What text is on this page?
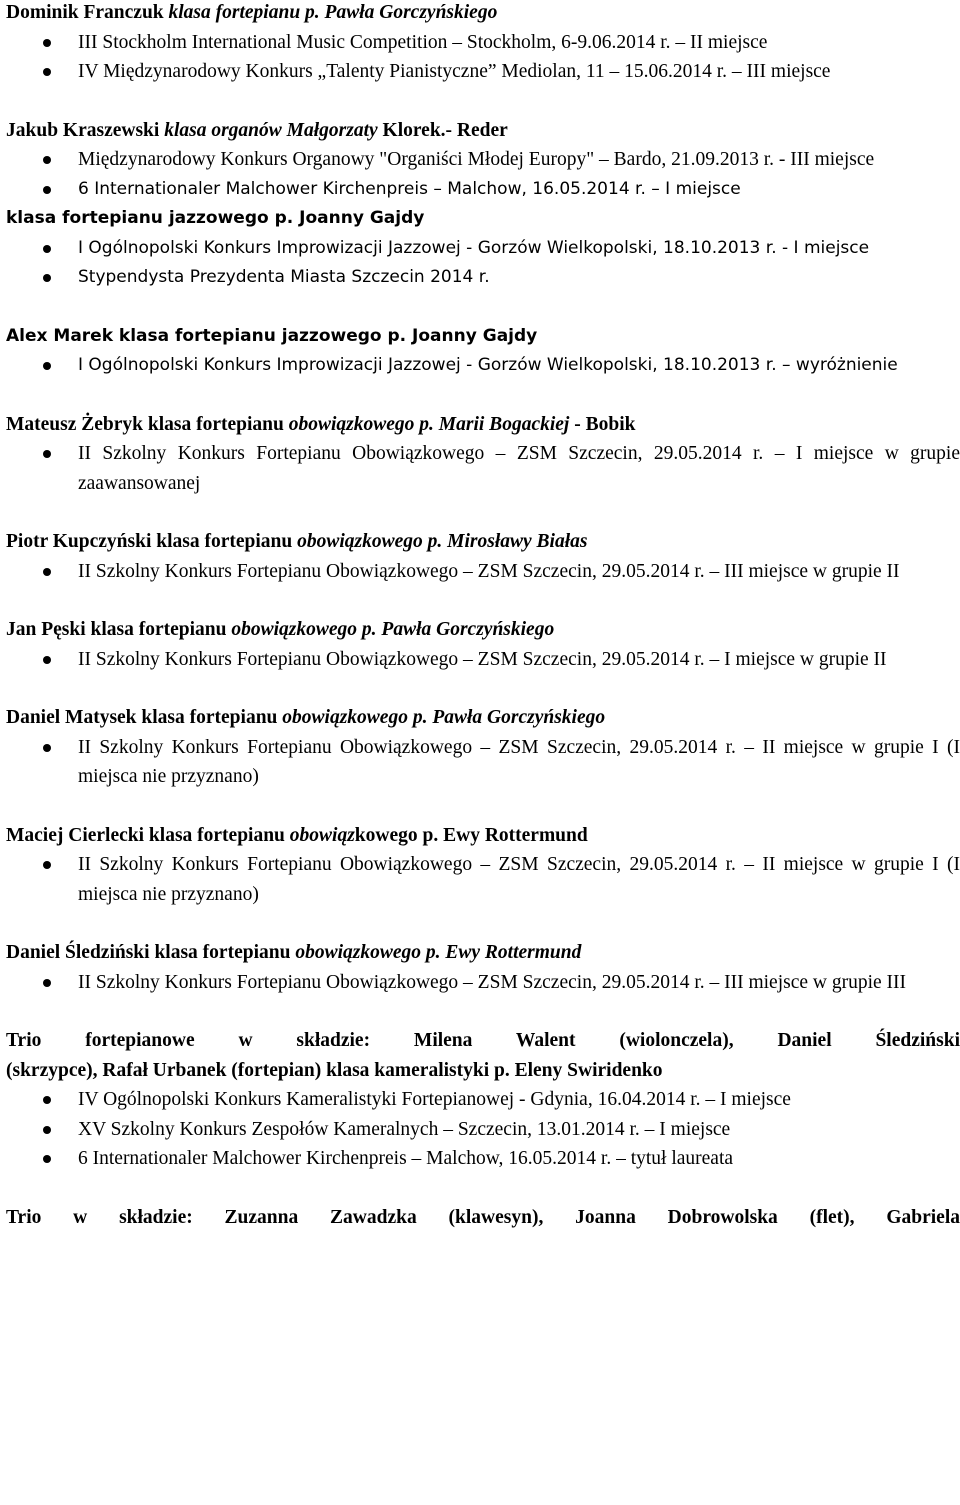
Dominik Franczuk klasa fortepianu p. Pawła Gorczyńskiego

III Stockholm International Music Competition – Stockholm, 6-9.06.2014 r. – II miejsce
IV Międzynarodowy Konkurs „Talenty Pianistyczne” Mediolan, 11 – 15.06.2014 r. – III miejsce

Jakub Kraszewski klasa organów Małgorzaty Klorek.- Reder

Międzynarodowy Konkurs Organowy "Organiści Młodej Europy" – Bardo, 21.09.2013 r. - III miejsce
6 Internationaler Malchower Kirchenpreis – Malchow, 16.05.2014 r. – I miejsce

klasa fortepianu jazzowego p. Joanny Gajdy

I Ogólnopolski Konkurs Improwizacji Jazzowej - Gorzów Wielkopolski, 18.10.2013 r. - I miejsce
Stypendysta Prezydenta Miasta Szczecin 2014 r.

Alex Marek klasa fortepianu jazzowego p. Joanny Gajdy

I Ogólnopolski Konkurs Improwizacji Jazzowej - Gorzów Wielkopolski, 18.10.2013 r. – wyróżnienie

Mateusz Żebryk klasa fortepianu obowiązkowego p. Marii Bogackiej - Bobik

II Szkolny Konkurs Fortepianu Obowiązkowego – ZSM Szczecin, 29.05.2014 r. – I miejsce w grupie zaawansowanej

Piotr Kupczyński klasa fortepianu obowiązkowego p. Mirosławy Białas

II Szkolny Konkurs Fortepianu Obowiązkowego – ZSM Szczecin, 29.05.2014 r. – III miejsce w grupie II

Jan Pęski klasa fortepianu obowiązkowego p. Pawła Gorczyńskiego

II Szkolny Konkurs Fortepianu Obowiązkowego – ZSM Szczecin, 29.05.2014 r. – I miejsce w grupie II

Daniel Matysek klasa fortepianu obowiązkowego p. Pawła Gorczyńskiego

II Szkolny Konkurs Fortepianu Obowiązkowego – ZSM Szczecin, 29.05.2014 r. – II miejsce w grupie I (I miejsca nie przyznano)

Maciej Cierlecki klasa fortepianu obowiązkowego p. Ewy Rottermund

II Szkolny Konkurs Fortepianu Obowiązkowego – ZSM Szczecin, 29.05.2014 r. – II miejsce w grupie I (I miejsca nie przyznano)

Daniel Śledziński klasa fortepianu obowiązkowego p. Ewy Rottermund

II Szkolny Konkurs Fortepianu Obowiązkowego – ZSM Szczecin, 29.05.2014 r. – III miejsce w grupie III

Trio fortepianowe w składzie: Milena Walent (wiolonczela), Daniel Śledziński

(skrzypce), Rafał Urbanek (fortepian) klasa kameralistyki p. Eleny Swiridenko

IV Ogólnopolski Konkurs Kameralistyki Fortepianowej - Gdynia, 16.04.2014 r. – I miejsce
XV Szkolny Konkurs Zespołów Kameralnych – Szczecin, 13.01.2014 r. – I miejsce
6 Internationaler Malchower Kirchenpreis – Malchow, 16.05.2014 r. – tytuł laureata

Trio w składzie: Zuzanna Zawadzka (klawesyn), Joanna Dobrowolska (flet), Gabriela
